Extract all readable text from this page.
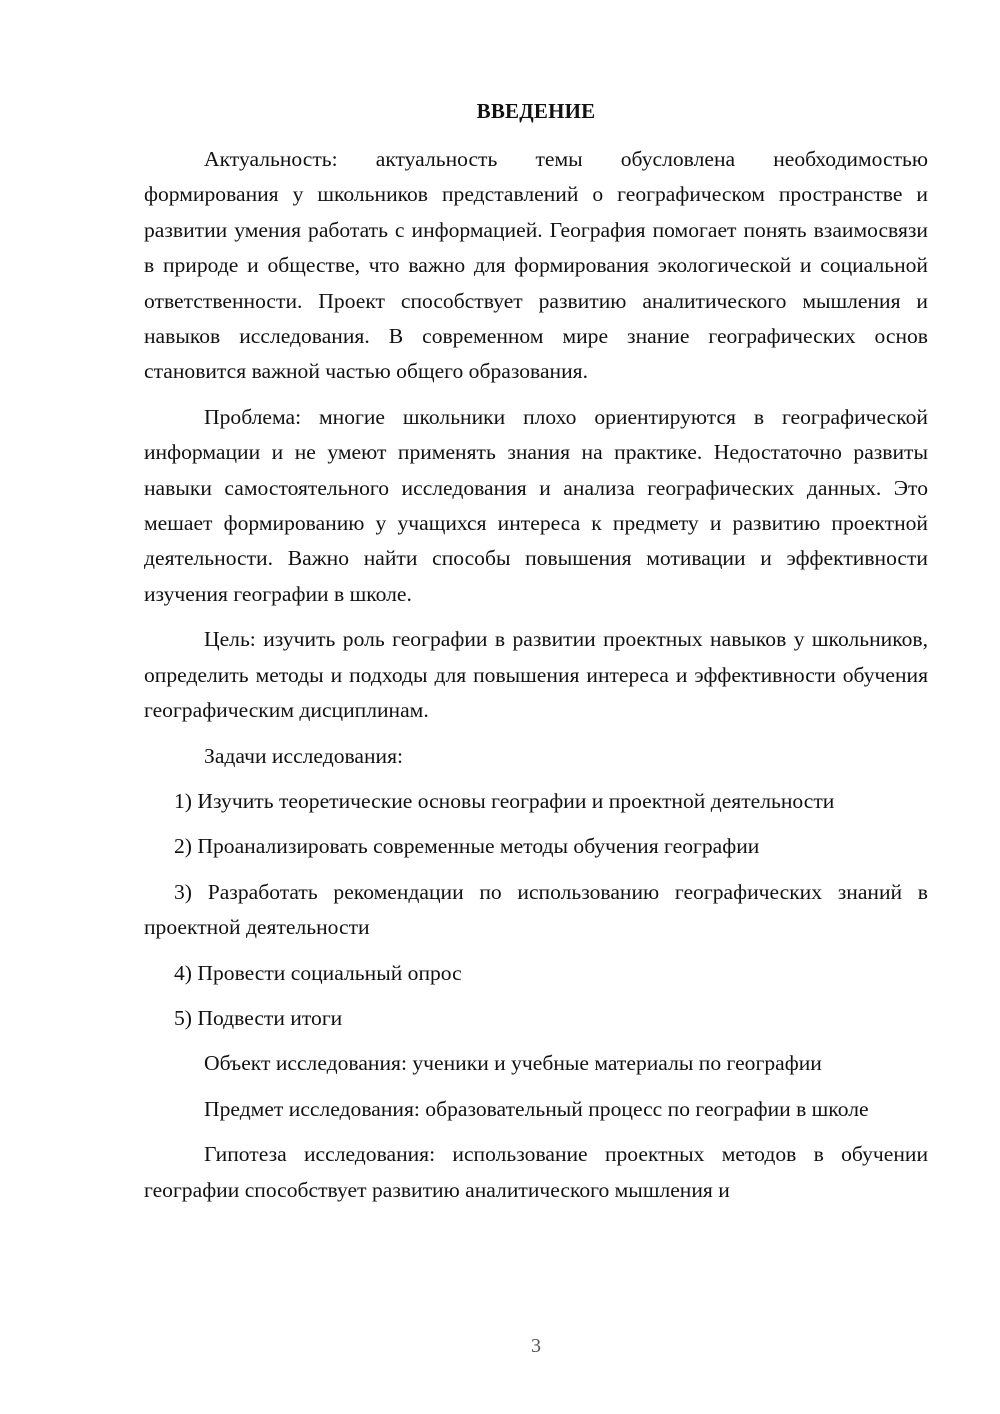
ВВЕДЕНИЕ

Актуальность: актуальность темы обусловлена необходимостью формирования у школьников представлений о географическом пространстве и развитии умения работать с информацией. География помогает понять взаимосвязи в природе и обществе, что важно для формирования экологической и социальной ответственности. Проект способствует развитию аналитического мышления и навыков исследования. В современном мире знание географических основ становится важной частью общего образования.

Проблема: многие школьники плохо ориентируются в географической информации и не умеют применять знания на практике. Недостаточно развиты навыки самостоятельного исследования и анализа географических данных. Это мешает формированию у учащихся интереса к предмету и развитию проектной деятельности. Важно найти способы повышения мотивации и эффективности изучения географии в школе.

Цель: изучить роль географии в развитии проектных навыков у школьников, определить методы и подходы для повышения интереса и эффективности обучения географическим дисциплинам.

Задачи исследования:

1) Изучить теоретические основы географии и проектной деятельности

2) Проанализировать современные методы обучения географии

3) Разработать рекомендации по использованию географических знаний в проектной деятельности

4) Провести социальный опрос

5) Подвести итоги

Объект исследования: ученики и учебные материалы по географии

Предмет исследования: образовательный процесс по географии в школе

Гипотеза исследования: использование проектных методов в обучении географии способствует развитию аналитического мышления и

3
